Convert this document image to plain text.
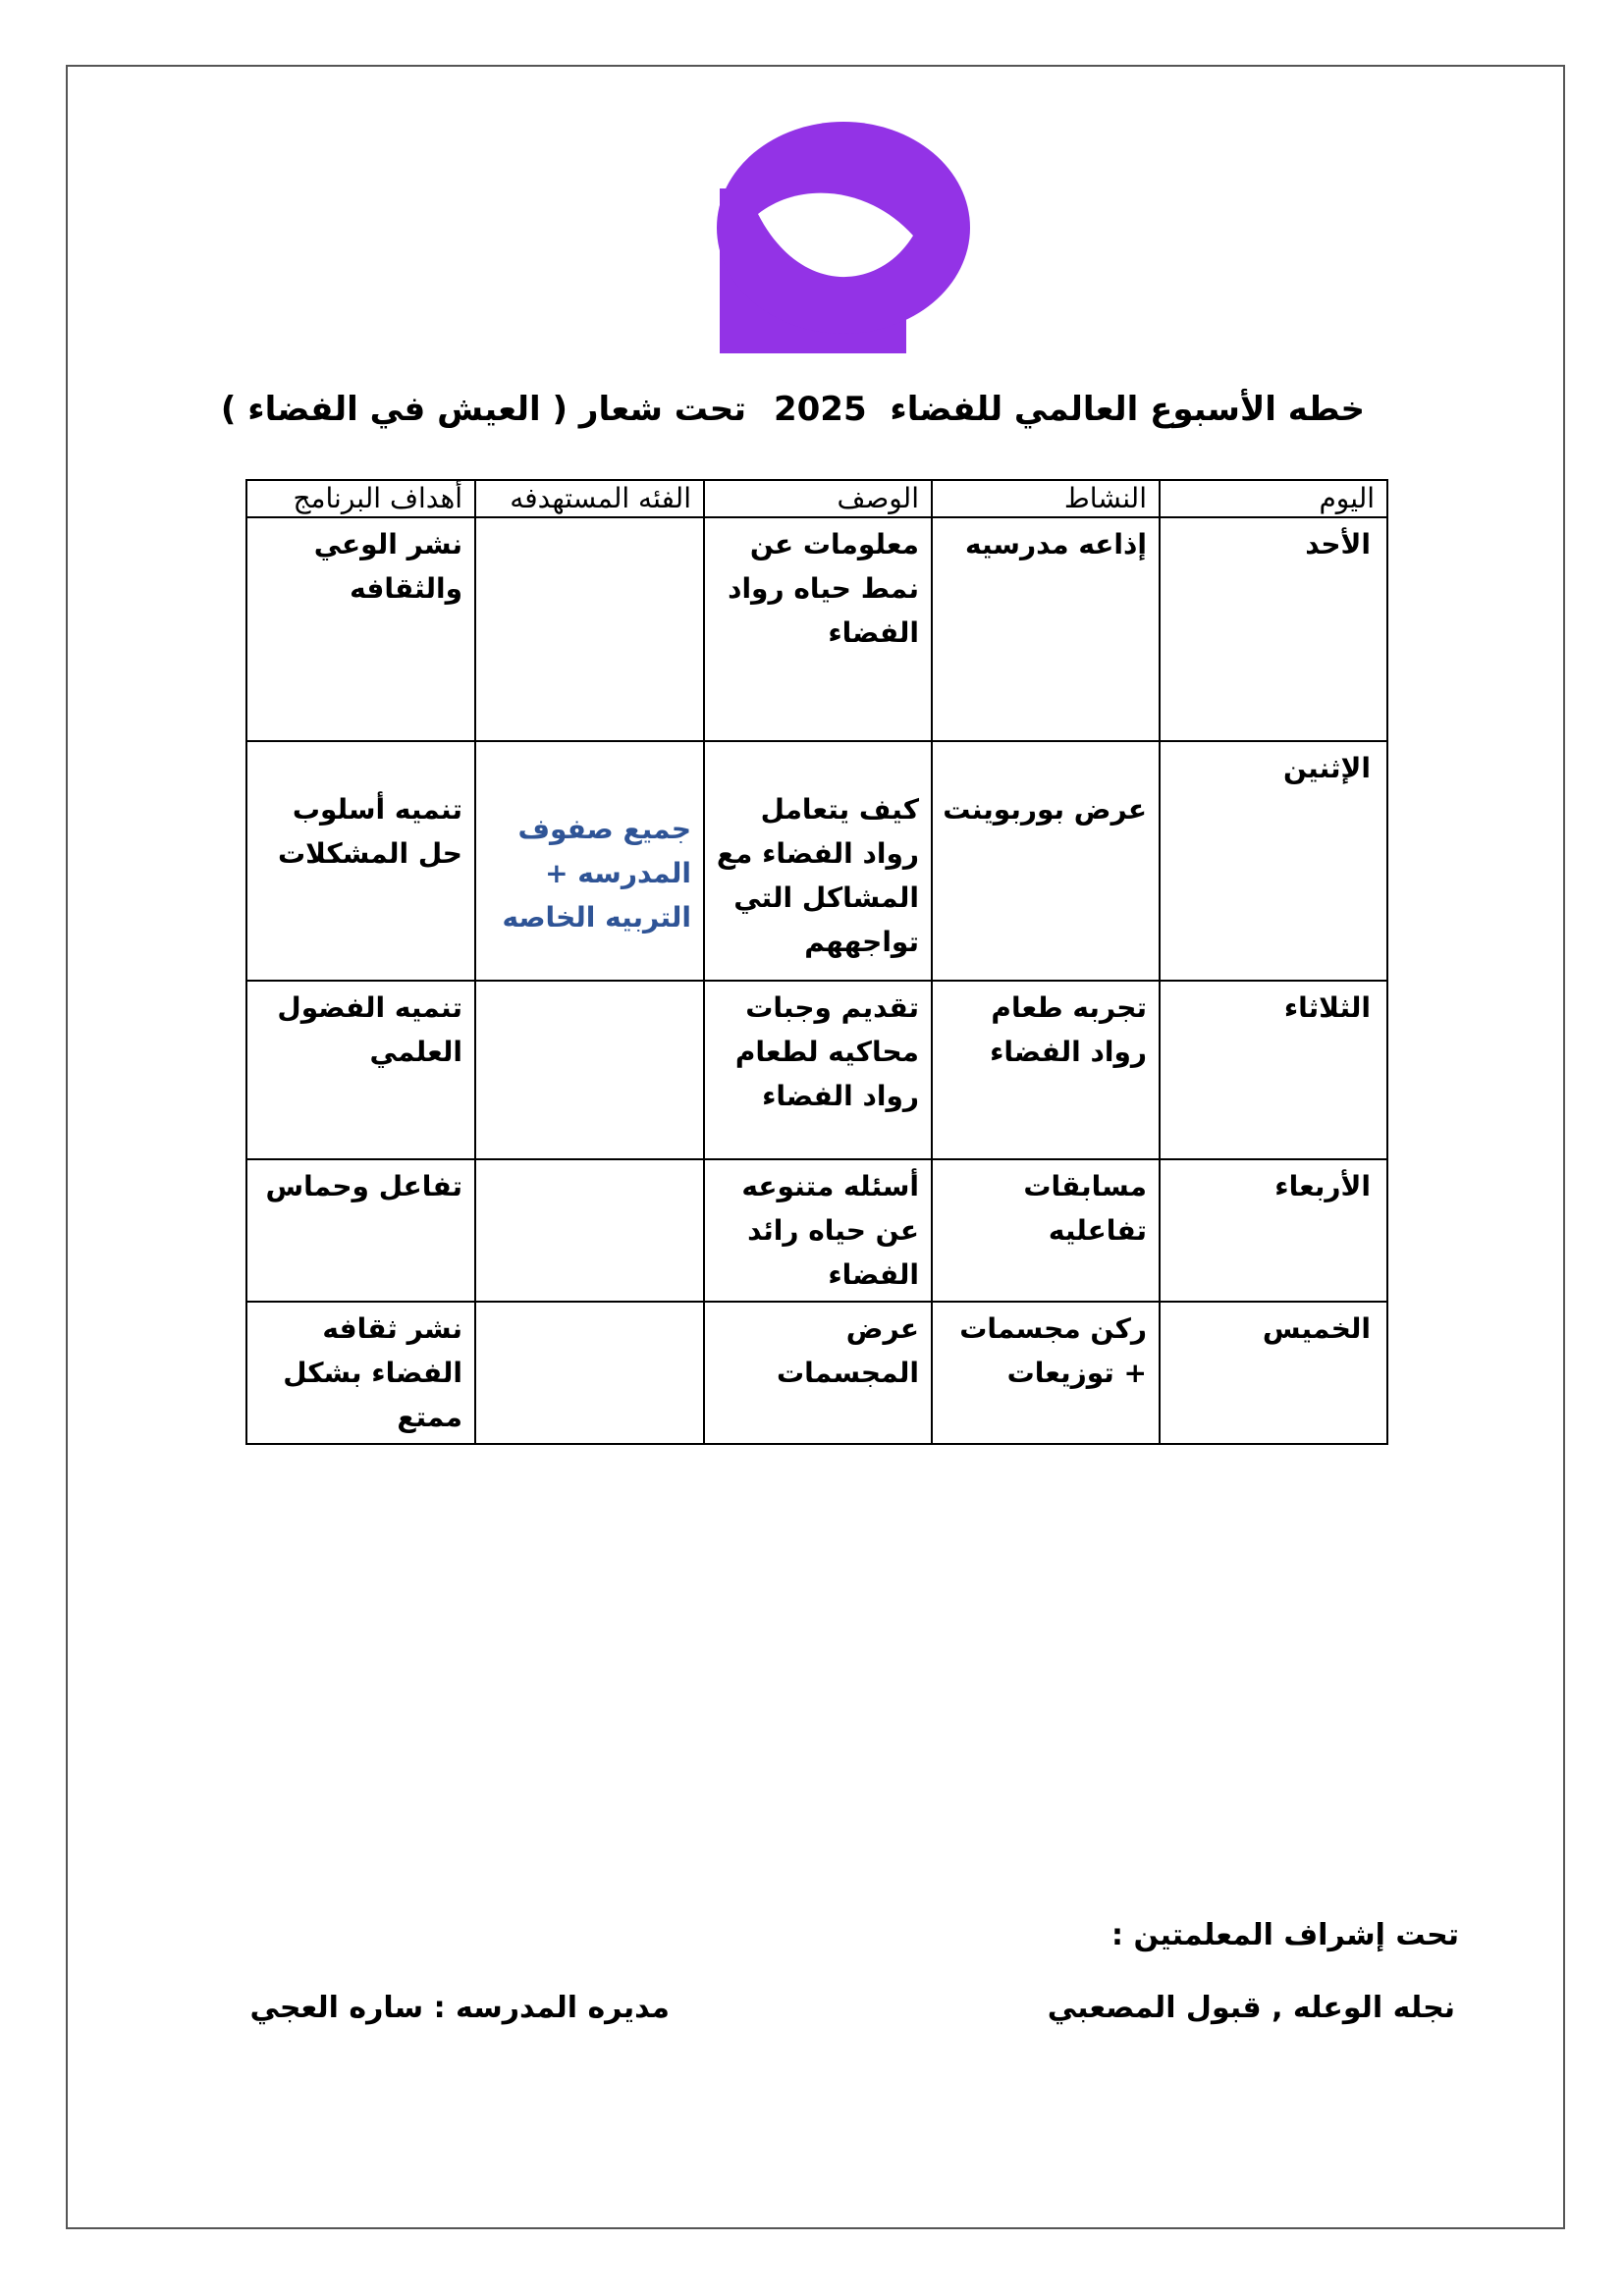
خطه الأسبوع العالمي للفضاء  2025تحت شعار ( العيش في الفضاء )
اليوم	النشاط	الوصف	الفئه المستهدفه	أهداف البرنامج
الأحد	إذاعه مدرسيه	معلومات عن نمط حياه رواد الفضاء		نشر الوعي والثقافه
الإثنين	عرض بوربوينت	كيف يتعامل رواد الفضاء مع المشاكل التي تواجههم	جميع صفوف المدرسه + التربيه الخاصه	تنميه أسلوب حل المشكلات
الثلاثاء	تجربه طعام رواد الفضاء	تقديم وجبات محاكيه لطعام رواد الفضاء		تنميه الفضول العلمي
الأربعاء	مسابقات تفاعليه	أسئله متنوعه عن حياه رائد الفضاء		تفاعل وحماس
الخميس	ركن مجسمات + توزيعات	عرض المجسمات		نشر ثقافه الفضاء بشكل ممتع
تحت إشراف المعلمتين :
نجله الوعله , قبول المصعبي
مديره المدرسه : ساره العجي
